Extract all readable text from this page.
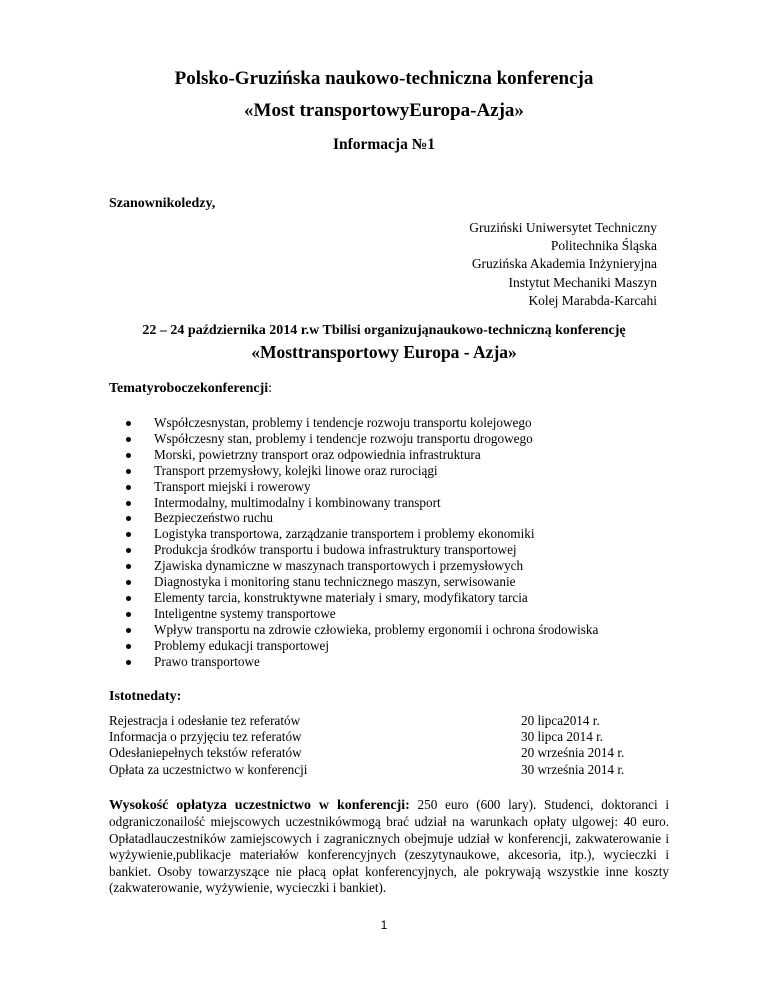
Polsko-Gruzińska naukowo-techniczna konferencja
«Most transportowyEuropa-Azja»
Informacja №1
Szanownikoledzy,
Gruziński Uniwersytet Techniczny
Politechnika Śląska
Gruzińska Akademia Inżynieryjna
Instytut Mechaniki Maszyn
Kolej Marabda-Karcahi
22 – 24 października 2014 r.w Tbilisi organizująnaukowo-techniczną konferencję
«Mosttransportowy Europa - Azja»
Tematyroboczekonferencji:
Współczesnystan, problemy i tendencje rozwoju transportu kolejowego
Współczesny stan, problemy i tendencje rozwoju transportu drogowego
Morski, powietrzny transport oraz odpowiednia infrastruktura
Transport przemysłowy, kolejki linowe oraz rurociągi
Transport miejski i rowerowy
Intermodalny, multimodalny i kombinowany transport
Bezpieczeństwo ruchu
Logistyka transportowa, zarządzanie transportem i problemy ekonomiki
Produkcja środków transportu i budowa infrastruktury transportowej
Zjawiska dynamiczne w maszynach transportowych i przemysłowych
Diagnostyka i monitoring stanu technicznego maszyn, serwisowanie
Elementy tarcia, konstruktywne materiały i smary, modyfikatory tarcia
Inteligentne systemy transportowe
Wpływ transportu na zdrowie człowieka, problemy ergonomii i ochrona środowiska
Problemy edukacji transportowej
Prawo transportowe
Istotnedaty:
Rejestracja i odesłanie tez referatów	20 lipca2014 r.
Informacja o przyjęciu tez referatów	30 lipca 2014 r.
Odesłaniepełnych tekstów referatów	20 września 2014 r.
Opłata za uczestnictwo w konferencji	30 września 2014 r.

Wysokość opłatyza uczestnictwo w konferencji: 250 euro (600 lary). Studenci, doktoranci i odgraniczonailość miejscowych uczestnikówmogą brać udział na warunkach opłaty ulgowej: 40 euro. Opłatadlauczestników zamiejscowych i zagranicznych obejmuje udział w konferencji, zakwaterowanie i wyżywienie,publikacje materiałów konferencyjnych (zeszytynaukowe, akcesoria, itp.), wycieczki i bankiet. Osoby towarzyszące nie płacą opłat konferencyjnych, ale pokrywają wszystkie inne koszty (zakwaterowanie, wyżywienie, wycieczki i bankiet).

1
